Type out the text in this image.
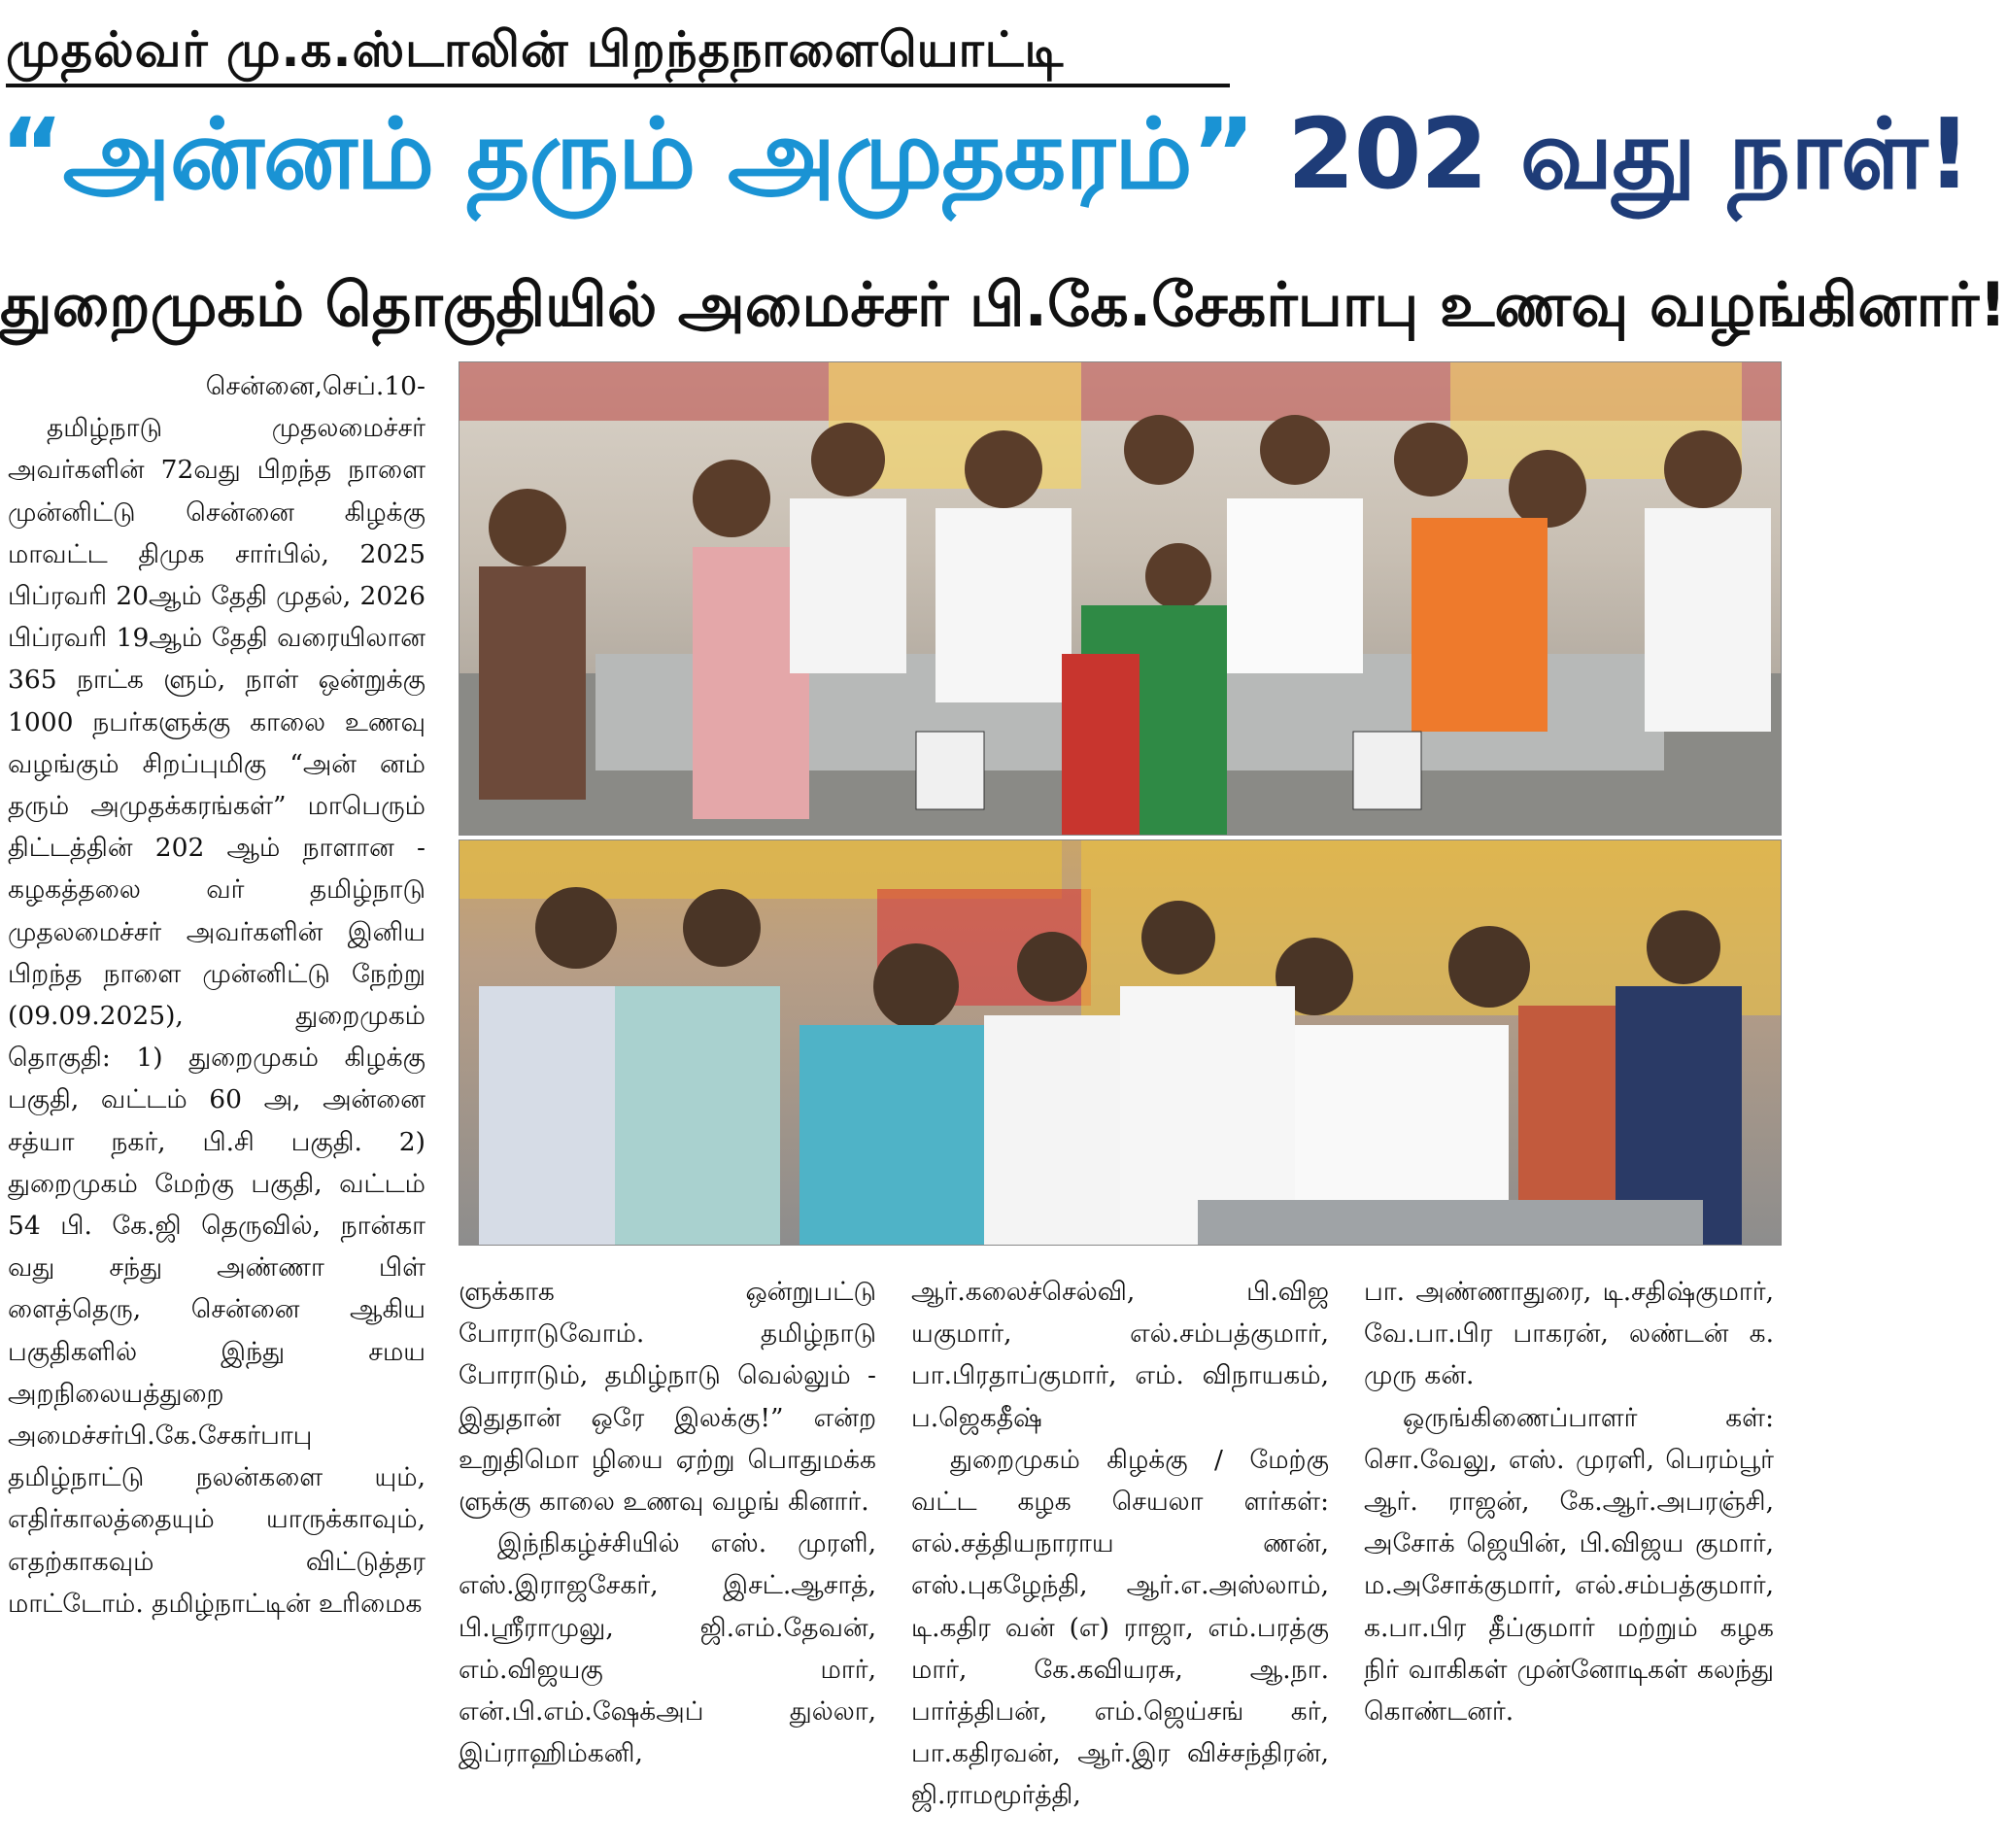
முதல்வர் மு.க.ஸ்டாலின் பிறந்தநாளையொட்டி
“அன்னம் தரும் அமுதகரம்” 202 வது நாள்!
துறைமுகம் தொகுதியில் அமைச்சர் பி.கே.சேகர்பாபு உணவு வழங்கினார்!

சென்னை,செப்.10-

தமிழ்நாடு முதலமைச்சர் அவர்களின் 72வது பிறந்த நாளை முன்னிட்டு சென்னை கிழக்கு மாவட்ட திமுக சார்பில், 2025 பிப்ரவரி 20ஆம் தேதி முதல், 2026 பிப்ரவரி 19ஆம் தேதி வரையிலான 365 நாட்க ளும், நாள் ஒன்றுக்கு 1000 நபர்களுக்கு காலை உணவு வழங்கும் சிறப்புமிகு “அன் னம் தரும் அமுதக்கரங்கள்” மாபெரும் திட்டத்தின் 202 ஆம் நாளான - கழகத்தலை வர் தமிழ்நாடு முதலமைச்சர் அவர்களின் இனிய பிறந்த நாளை முன்னிட்டு நேற்று (09.09.2025), துறைமுகம் தொகுதி: 1) துறைமுகம் கிழக்கு பகுதி, வட்டம் 60 அ, அன்னை சத்யா நகர், பி.சி பகுதி. 2) துறைமுகம் மேற்கு பகுதி, வட்டம் 54 பி. கே.ஜி தெருவில், நான்கா வது சந்து அண்ணா பிள் ளைத்தெரு, சென்னை ஆகிய பகுதிகளில் இந்து சமய அறநிலையத்துறை அமைச்சர்பி.கே.சேகர்பாபு தமிழ்நாட்டு நலன்களை யும், எதிர்காலத்தையும் யாருக்காவும், எதற்காகவும் விட்டுத்தர மாட்டோம். தமிழ்நாட்டின் உரிமைக

ளுக்காக ஒன்றுபட்டு போராடுவோம். தமிழ்நாடு போராடும், தமிழ்நாடு வெல்லும் - இதுதான் ஒரே இலக்கு!” என்ற உறுதிமொ ழியை ஏற்று பொதுமக்க ளுக்கு காலை உணவு வழங் கினார்.

இந்நிகழ்ச்சியில் எஸ். முரளி, எஸ்.இராஜசேகர், இசட்.ஆசாத், பி.ஸ்ரீராமுலு, ஜி.எம்.தேவன், எம்.விஜயகு மார், என்.பி.எம்.ஷேக்அப் துல்லா, இப்ராஹிம்கனி,

ஆர்.கலைச்செல்வி, பி.விஜ யகுமார், எல்.சம்பத்குமார், பா.பிரதாப்குமார், எம். விநாயகம், ப.ஜெகதீஷ்

துறைமுகம் கிழக்கு / மேற்கு வட்ட கழக செயலா ளர்கள்: எல்.சத்தியநாராய ணன், எஸ்.புகழேந்தி, ஆர்.எ.அஸ்லாம், டி.கதிர வன் (எ) ராஜா, எம்.பரத்கு மார், கே.கவியரசு, ஆ.நா. பார்த்திபன், எம்.ஜெய்சங் கர், பா.கதிரவன், ஆர்.இர விச்சந்திரன், ஜி.ராமமூர்த்தி,

பா. அண்ணாதுரை, டி.சதிஷ்குமார், வே.பா.பிர பாகரன், லண்டன் க. முரு கன்.

ஒருங்கிணைப்பாளர் கள்: சொ.வேலு, எஸ். முரளி, பெரம்பூர் ஆர். ராஜன், கே.ஆர்.அபரஞ்சி, அசோக் ஜெயின், பி.விஜய குமார், ம.அசோக்குமார், எல்.சம்பத்குமார், க.பா.பிர தீப்குமார் மற்றும் கழக நிர் வாகிகள் முன்னோடிகள் கலந்து கொண்டனர்.
